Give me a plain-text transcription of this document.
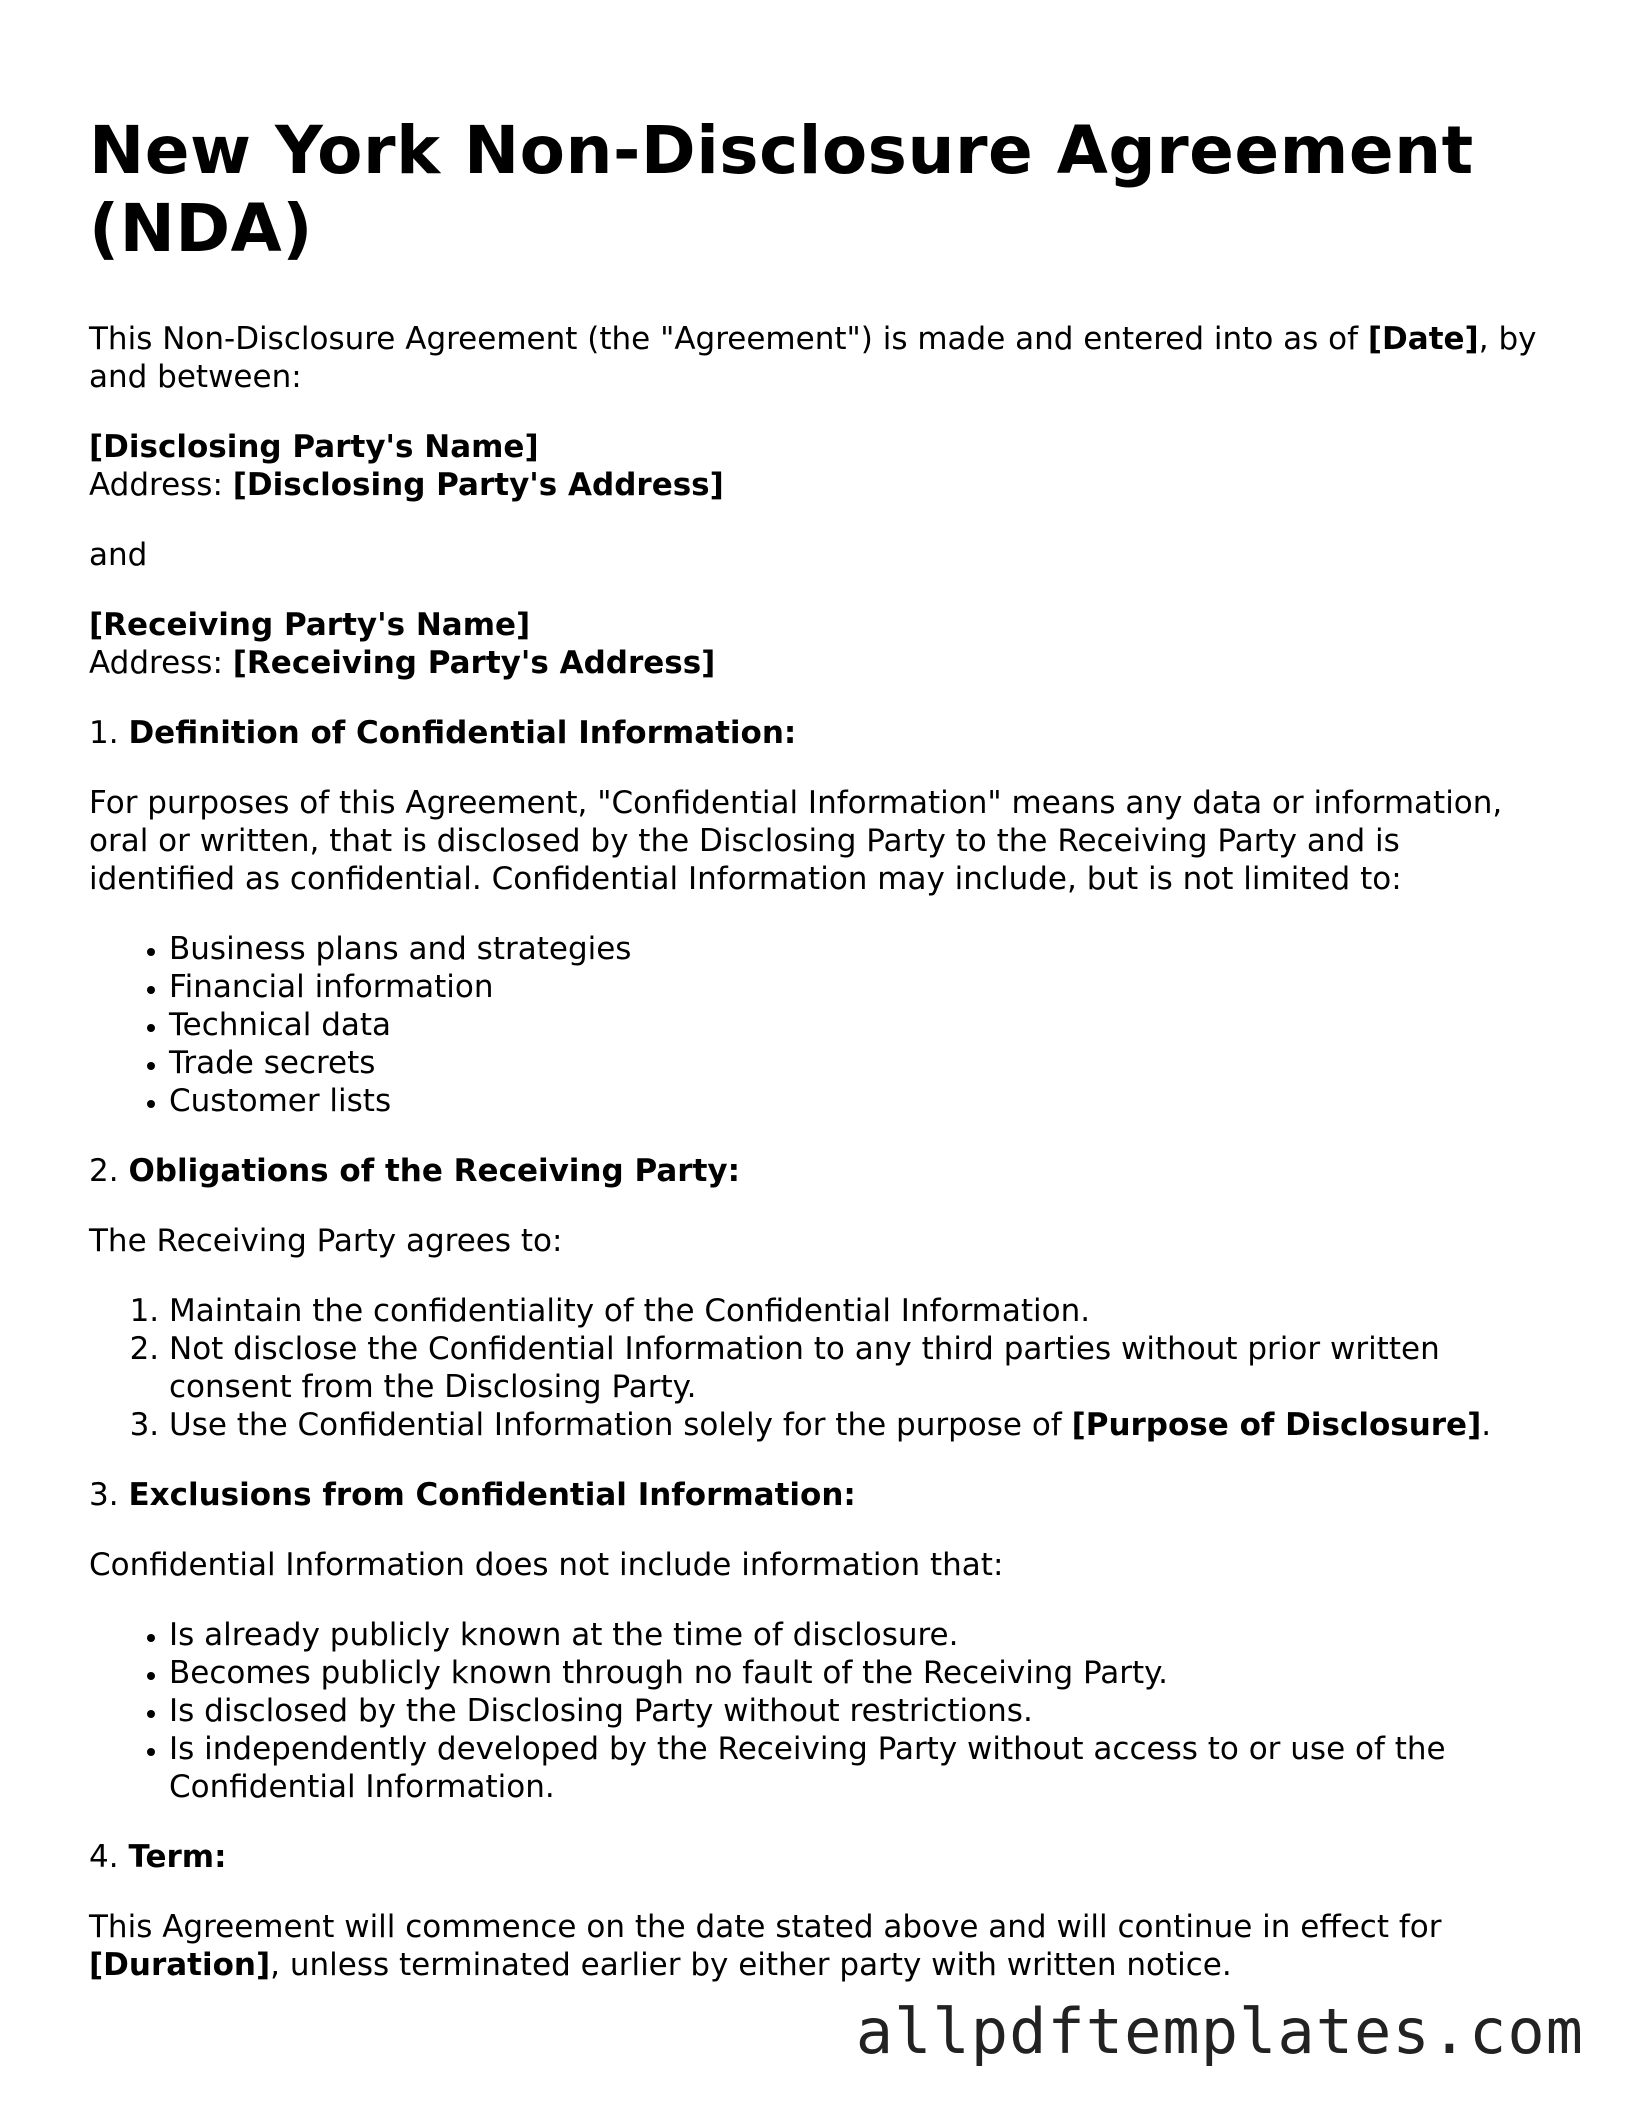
New York Non-Disclosure Agreement (NDA)

This Non-Disclosure Agreement (the "Agreement") is made and entered into as of [Date], by and between:

[Disclosing Party's Name]
Address: [Disclosing Party's Address]

and

[Receiving Party's Name]
Address: [Receiving Party's Address]

1. Definition of Confidential Information:

For purposes of this Agreement, "Confidential Information" means any data or information, oral or written, that is disclosed by the Disclosing Party to the Receiving Party and is identified as confidential. Confidential Information may include, but is not limited to:

• Business plans and strategies
• Financial information
• Technical data
• Trade secrets
• Customer lists

2. Obligations of the Receiving Party:

The Receiving Party agrees to:

1. Maintain the confidentiality of the Confidential Information.
2. Not disclose the Confidential Information to any third parties without prior written consent from the Disclosing Party.
3. Use the Confidential Information solely for the purpose of [Purpose of Disclosure].

3. Exclusions from Confidential Information:

Confidential Information does not include information that:

• Is already publicly known at the time of disclosure.
• Becomes publicly known through no fault of the Receiving Party.
• Is disclosed by the Disclosing Party without restrictions.
• Is independently developed by the Receiving Party without access to or use of the Confidential Information.

4. Term:

This Agreement will commence on the date stated above and will continue in effect for [Duration], unless terminated earlier by either party with written notice.

allpdftemplates.com
